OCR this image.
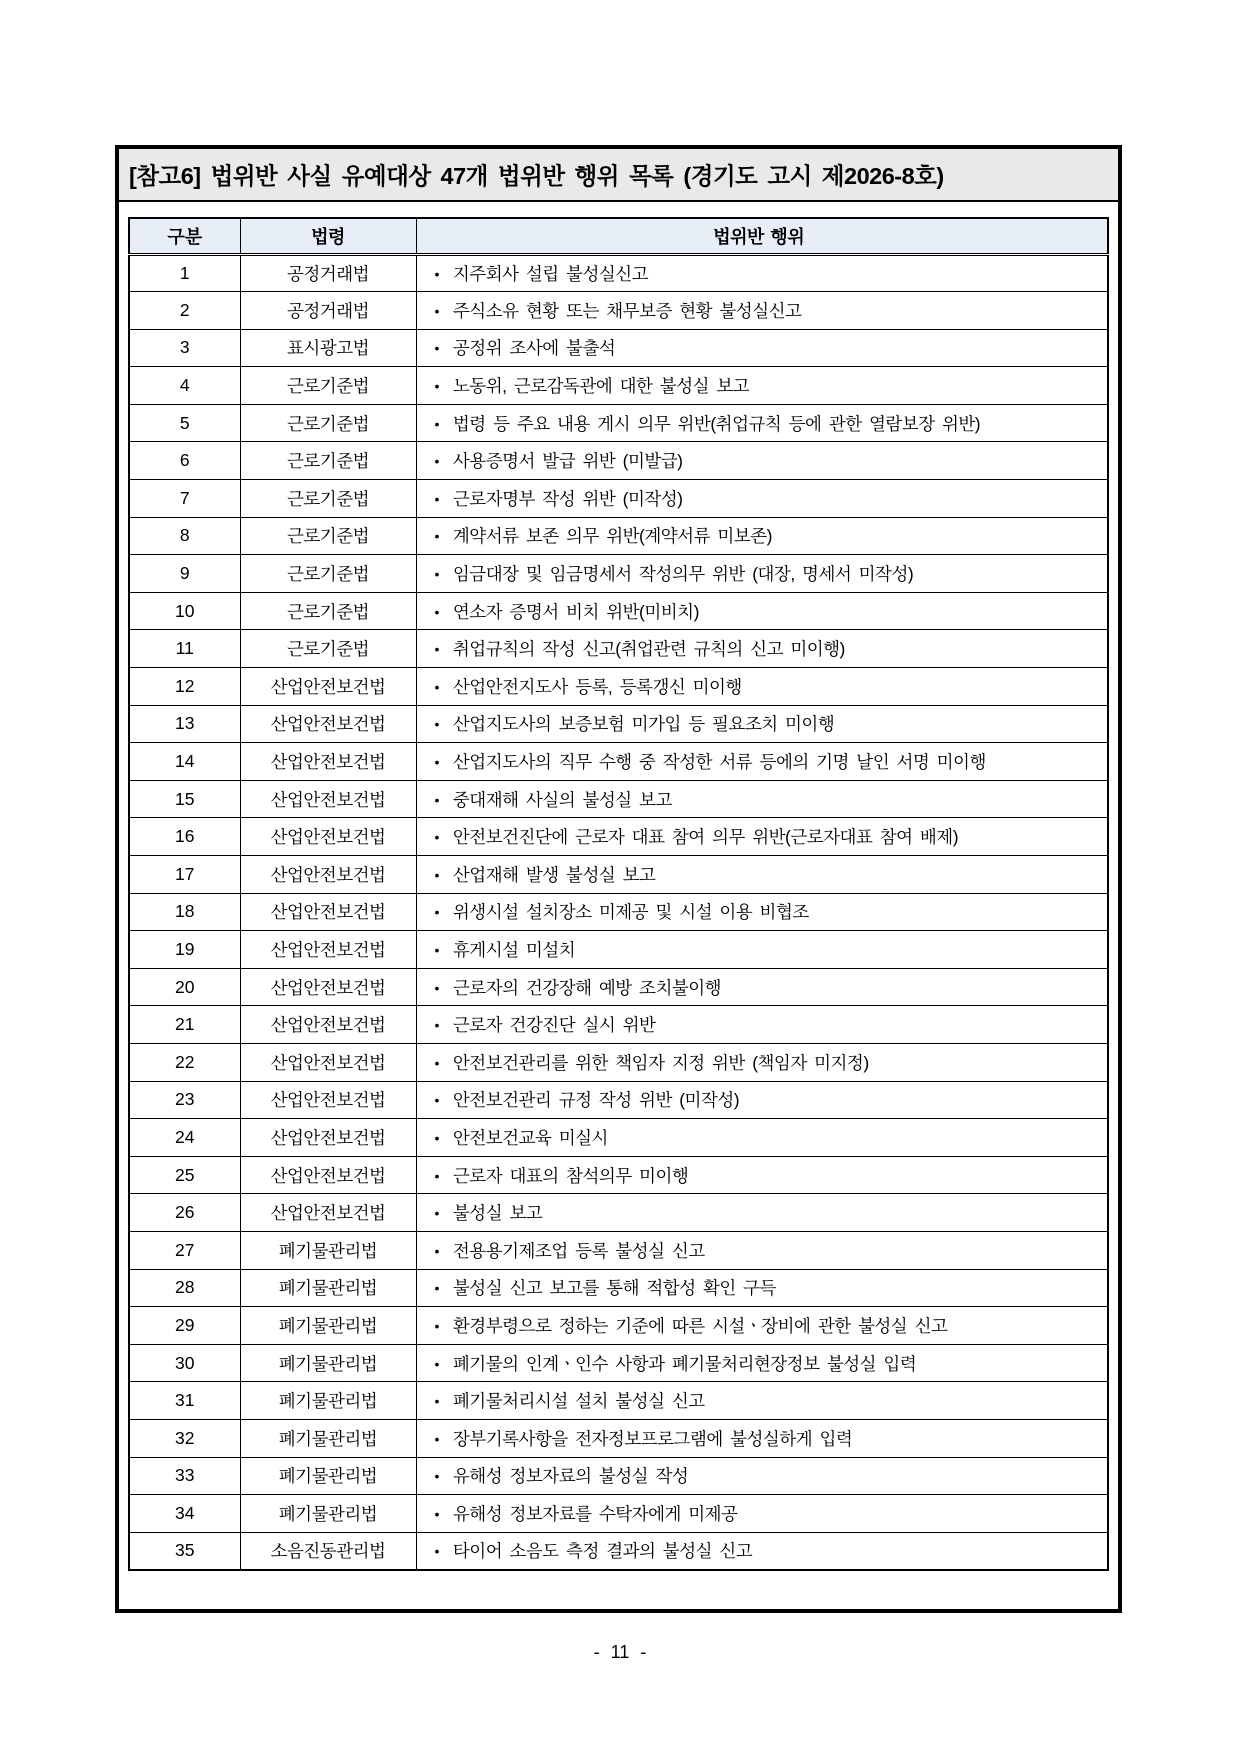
[참고6] 법위반 사실 유예대상 47개 법위반 행위 목록 (경기도 고시 제2026-8호)
구분	법령	법위반 행위
1	공정거래법	• 지주회사 설립 불성실신고
2	공정거래법	• 주식소유 현황 또는 채무보증 현황 불성실신고
3	표시광고법	• 공정위 조사에 불출석
4	근로기준법	• 노동위, 근로감독관에 대한 불성실 보고
5	근로기준법	• 법령 등 주요 내용 게시 의무 위반(취업규칙 등에 관한 열람보장 위반)
6	근로기준법	• 사용증명서 발급 위반 (미발급)
7	근로기준법	• 근로자명부 작성 위반 (미작성)
8	근로기준법	• 계약서류 보존 의무 위반(계약서류 미보존)
9	근로기준법	• 임금대장 및 임금명세서 작성의무 위반 (대장, 명세서 미작성)
10	근로기준법	• 연소자 증명서 비치 위반(미비치)
11	근로기준법	• 취업규칙의 작성 신고(취업관련 규칙의 신고 미이행)
12	산업안전보건법	• 산업안전지도사 등록, 등록갱신 미이행
13	산업안전보건법	• 산업지도사의 보증보험 미가입 등 필요조치 미이행
14	산업안전보건법	• 산업지도사의 직무 수행 중 작성한 서류 등에의 기명 날인 서명 미이행
15	산업안전보건법	• 중대재해 사실의 불성실 보고
16	산업안전보건법	• 안전보건진단에 근로자 대표 참여 의무 위반(근로자대표 참여 배제)
17	산업안전보건법	• 산업재해 발생 불성실 보고
18	산업안전보건법	• 위생시설 설치장소 미제공 및 시설 이용 비협조
19	산업안전보건법	• 휴게시설 미설치
20	산업안전보건법	• 근로자의 건강장해 예방 조치불이행
21	산업안전보건법	• 근로자 건강진단 실시 위반
22	산업안전보건법	• 안전보건관리를 위한 책임자 지정 위반 (책임자 미지정)
23	산업안전보건법	• 안전보건관리 규정 작성 위반 (미작성)
24	산업안전보건법	• 안전보건교육 미실시
25	산업안전보건법	• 근로자 대표의 참석의무 미이행
26	산업안전보건법	• 불성실 보고
27	폐기물관리법	• 전용용기제조업 등록 불성실 신고
28	폐기물관리법	• 불성실 신고 보고를 통해 적합성 확인 구득
29	폐기물관리법	• 환경부령으로 정하는 기준에 따른 시설ㆍ장비에 관한 불성실 신고
30	폐기물관리법	• 폐기물의 인계ㆍ인수 사항과 폐기물처리현장정보 불성실 입력
31	폐기물관리법	• 폐기물처리시설 설치 불성실 신고
32	폐기물관리법	• 장부기록사항을 전자정보프로그램에 불성실하게 입력
33	폐기물관리법	• 유해성 정보자료의 불성실 작성
34	폐기물관리법	• 유해성 정보자료를 수탁자에게 미제공
35	소음진동관리법	• 타이어 소음도 측정 결과의 불성실 신고
- 11 -
